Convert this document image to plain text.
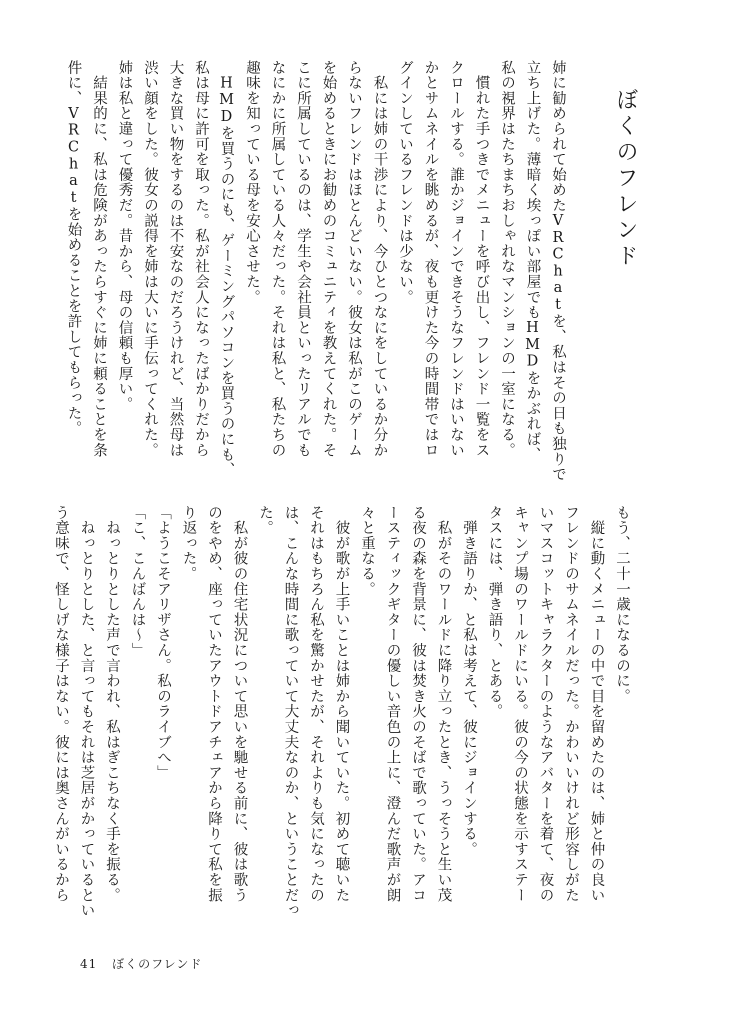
ぼくのフレンド
姉に勧められて始めたVRChatを、私はその日も独りで
立ち上げた。薄暗く埃っぽい部屋でもHMDをかぶれば、
私の視界はたちまちおしゃれなマンションの一室になる。
　慣れた手つきでメニューを呼び出し、フレンド一覧をス
クロールする。誰かジョインできそうなフレンドはいない
かとサムネイルを眺めるが、夜も更けた今の時間帯ではロ
グインしているフレンドは少ない。
　私には姉の干渉により、今ひとつなにをしているか分か
らないフレンドはほとんどいない。彼女は私がこのゲーム
を始めるときにお勧めのコミュニティを教えてくれた。そ
こに所属しているのは、学生や会社員といったリアルでも
なにかに所属している人々だった。それは私と、私たちの
趣味を知っている母を安心させた。
　HMDを買うのにも、ゲーミングパソコンを買うのにも、
私は母に許可を取った。私が社会人になったばかりだから
大きな買い物をするのは不安なのだろうけれど、当然母は
渋い顔をした。彼女の説得を姉は大いに手伝ってくれた。
姉は私と違って優秀だ。昔から、母の信頼も厚い。
　結果的に、私は危険があったらすぐに姉に頼ることを条
件に、VRChatを始めることを許してもらった。
もう、二十一歳になるのに。
　縦に動くメニューの中で目を留めたのは、姉と仲の良い
フレンドのサムネイルだった。かわいいけれど形容しがた
いマスコットキャラクターのようなアバターを着て、夜の
キャンプ場のワールドにいる。彼の今の状態を示すステー
タスには、弾き語り、とある。
　弾き語りか、と私は考えて、彼にジョインする。
　私がそのワールドに降り立ったとき、うっそうと生い茂
る夜の森を背景に、彼は焚き火のそばで歌っていた。アコ
ースティックギターの優しい音色の上に、澄んだ歌声が朗
々と重なる。
　彼が歌が上手いことは姉から聞いていた。初めて聴いた
それはもちろん私を驚かせたが、それよりも気になったの
は、こんな時間に歌っていて大丈夫なのか、ということだっ
た。
　私が彼の住宅状況について思いを馳せる前に、彼は歌う
のをやめ、座っていたアウトドアチェアから降りて私を振
り返った。
「ようこそアリザさん。私のライブへ」
「こ、こんばんは〜」
　ねっとりとした声で言われ、私はぎこちなく手を振る。
　ねっとりとした、と言ってもそれは芝居がかっているとい
う意味で、怪しげな様子はない。彼には奥さんがいるから
41 ぼくのフレンド
